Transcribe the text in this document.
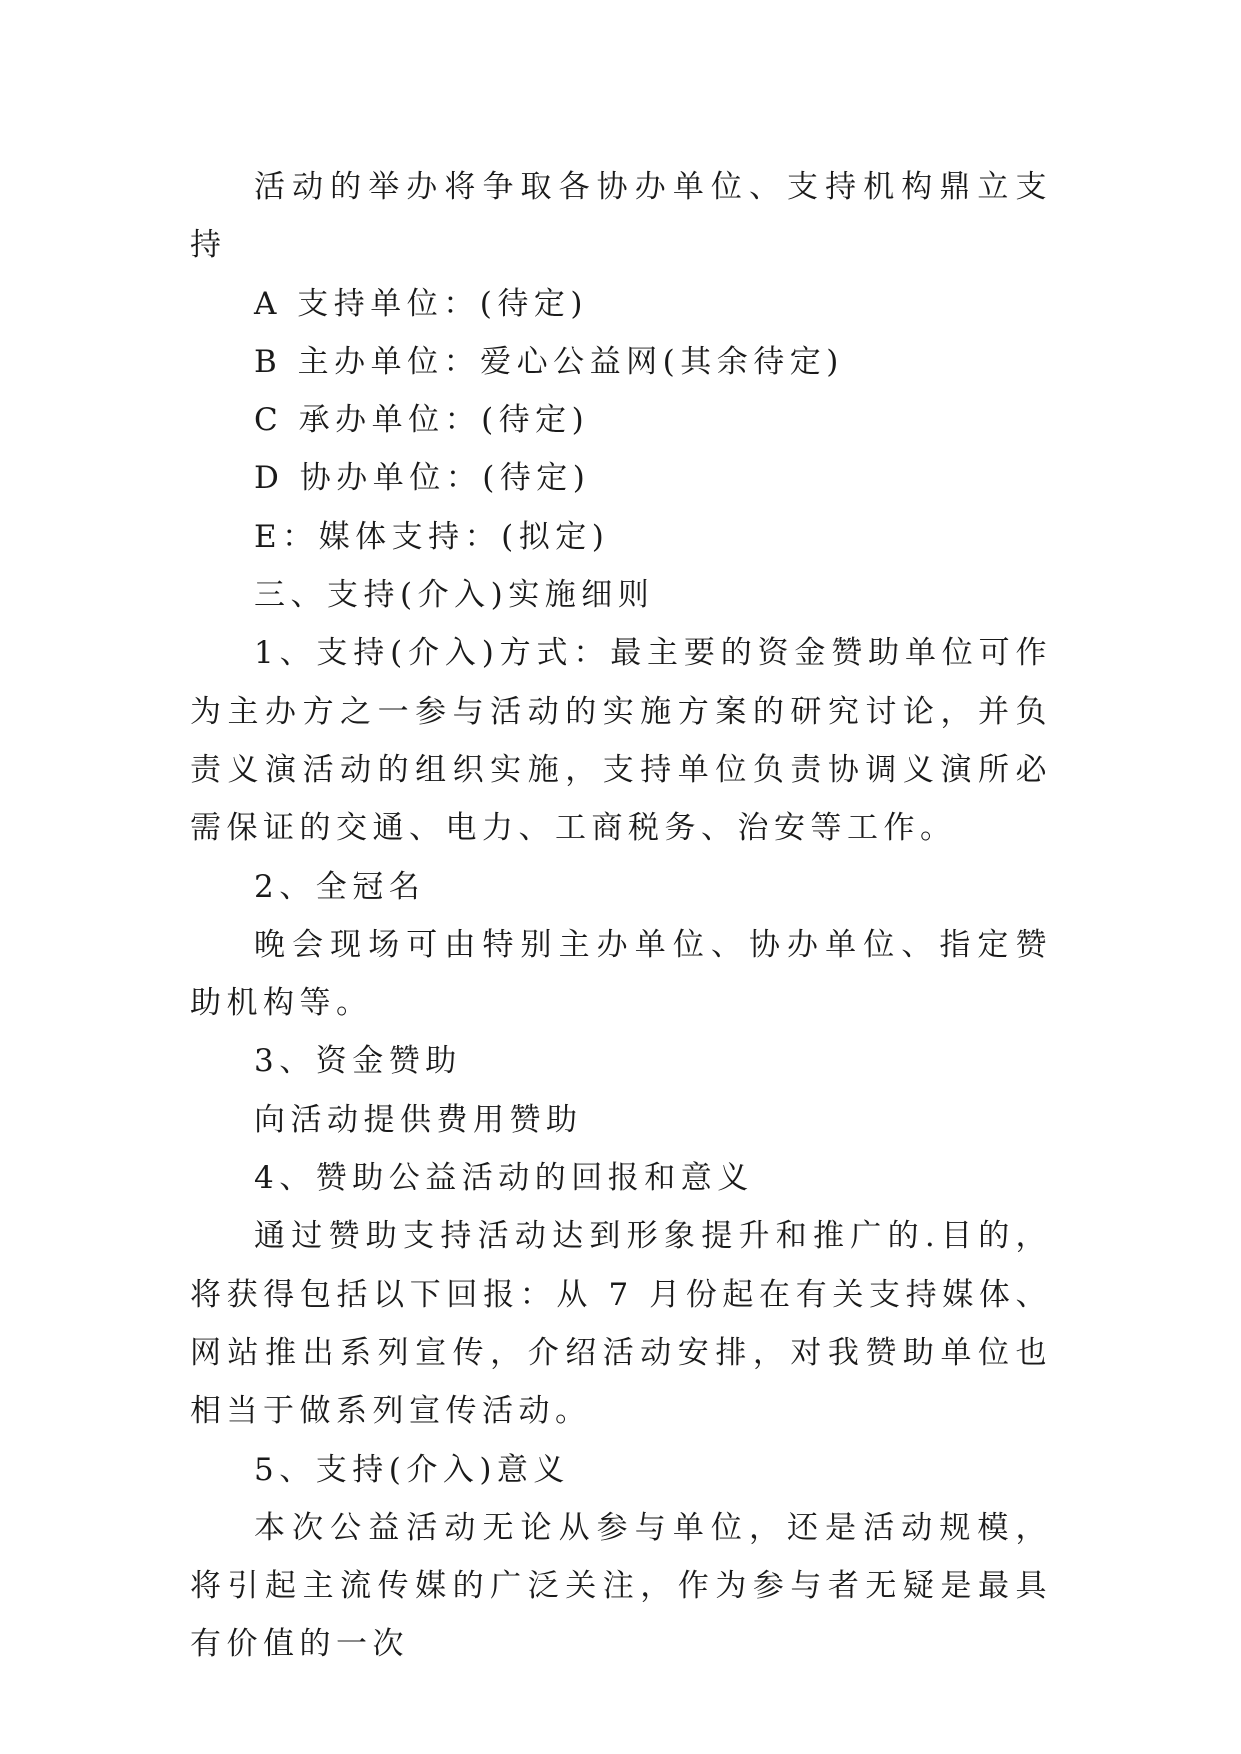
活动的举办将争取各协办单位、支持机构鼎立支持

A 支持单位：(待定)

B 主办单位：爱心公益网(其余待定)

C 承办单位：(待定)

D 协办单位：(待定)

E：媒体支持：(拟定)

三、支持(介入)实施细则

1、支持(介入)方式：最主要的资金赞助单位可作为主办方之一参与活动的实施方案的研究讨论，并负责义演活动的组织实施，支持单位负责协调义演所必需保证的交通、电力、工商税务、治安等工作。

2、全冠名

晚会现场可由特别主办单位、协办单位、指定赞助机构等。

3、资金赞助

向活动提供费用赞助

4、赞助公益活动的回报和意义

通过赞助支持活动达到形象提升和推广的.目的，将获得包括以下回报：从 7 月份起在有关支持媒体、网站推出系列宣传，介绍活动安排，对我赞助单位也相当于做系列宣传活动。

5、支持(介入)意义

本次公益活动无论从参与单位，还是活动规模，将引起主流传媒的广泛关注，作为参与者无疑是最具有价值的一次
